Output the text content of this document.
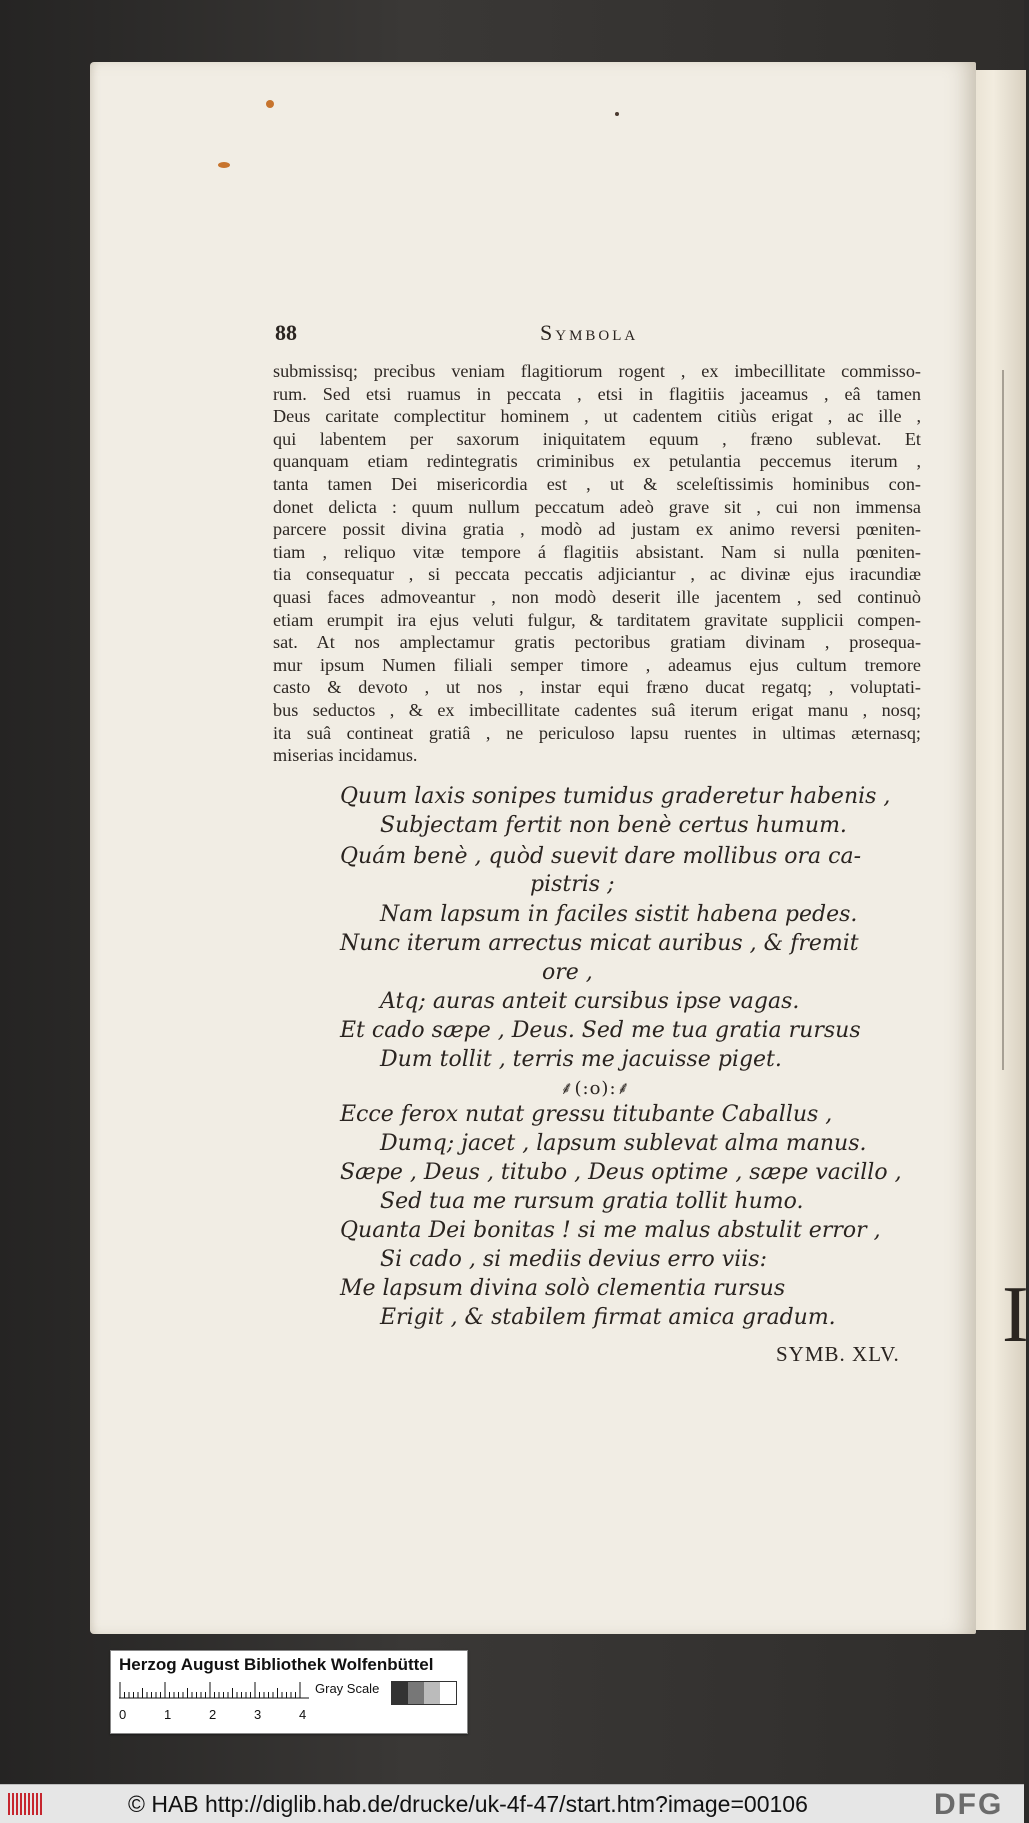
I
88	Symbola
submissisq; precibus veniam flagitiorum rogent , ex imbecillitate commisso-
rum. Sed etsi ruamus in peccata , etsi in flagitiis jaceamus , eâ tamen
Deus caritate complectitur hominem , ut cadentem citiùs erigat , ac ille ,
qui labentem per saxorum iniquitatem equum , fræno sublevat. Et
quanquam etiam redintegratis criminibus ex petulantia peccemus iterum ,
tanta tamen Dei misericordia est , ut & sceleſtissimis hominibus con-
donet delicta : quum nullum peccatum adeò grave sit , cui non immensa
parcere possit divina gratia , modò ad justam ex animo reversi pœniten-
tiam , reliquo vitæ tempore á flagitiis absistant. Nam si nulla pœniten-
tia consequatur , si peccata peccatis adjiciantur , ac divinæ ejus iracundiæ
quasi faces admoveantur , non modò deserit ille jacentem , sed continuò
etiam erumpit ira ejus veluti fulgur, & tarditatem gravitate supplicii compen-
sat. At nos amplectamur gratis pectoribus gratiam divinam , prosequa-
mur ipsum Numen filiali semper timore , adeamus ejus cultum tremore
casto & devoto , ut nos , instar equi fræno ducat regatq; , voluptati-
bus seductos , & ex imbecillitate cadentes suâ iterum erigat manu , nosq;
ita suâ contineat gratiâ , ne periculoso lapsu ruentes in ultimas æternasq;
miserias incidamus.
Quum laxis sonipes tumidus graderetur habenis ,
Subjectam fertit non benè certus humum.
Quám benè , quòd suevit dare mollibus ora ca-
pistris ;
Nam lapsum in faciles sistit habena pedes.
Nunc iterum arrectus micat auribus , & fremit
ore ,
Atq; auras anteit cursibus ipse vagas.
Et cado sæpe , Deus. Sed me tua gratia rursus
Dum tollit , terris me jacuisse piget.
Ecce ferox nutat gressu titubante Caballus ,
Dumq; jacet , lapsum sublevat alma manus.
Sæpe , Deus , titubo , Deus optime , sæpe vacillo ,
Sed tua me rursum gratia tollit humo.
Quanta Dei bonitas ! si me malus abstulit error ,
Si cado , si mediis devius erro viis:
Me lapsum divina solò clementia rursus
Erigit , & stabilem firmat amica gradum.
⸙(:o):⸙
SYMB. XLV.
Herzog August Bibliothek Wolfenbüttel
0	1	2	3	4
Gray Scale
© HAB http://diglib.hab.de/drucke/uk-4f-47/start.htm?image=00106	DFG
